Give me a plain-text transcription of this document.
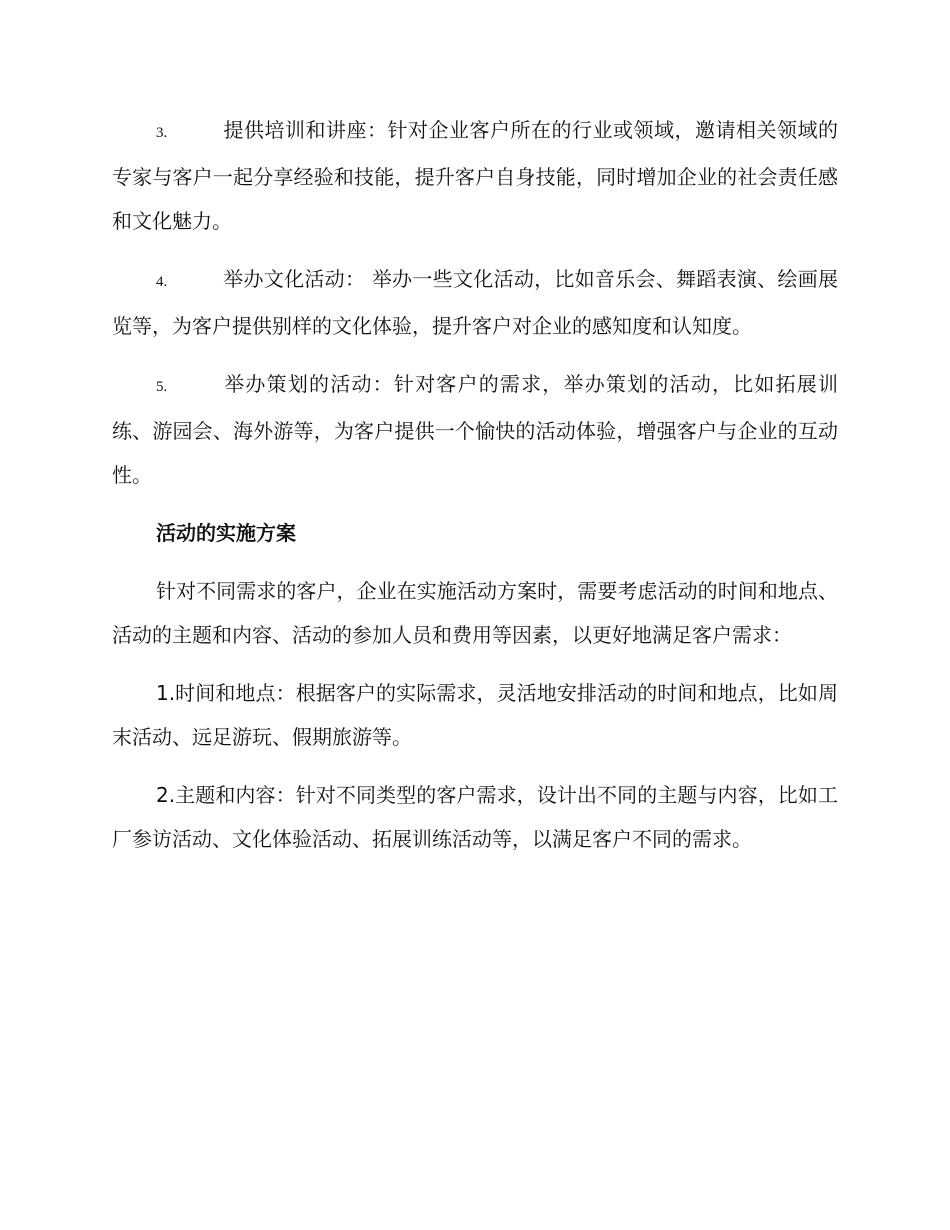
3.	提供培训和讲座：针对企业客户所在的行业或领域，邀请相关领域的专家与客户一起分享经验和技能，提升客户自身技能，同时增加企业的社会责任感和文化魅力。

4.	举办文化活动： 举办一些文化活动，比如音乐会、舞蹈表演、绘画展览等，为客户提供别样的文化体验，提升客户对企业的感知度和认知度。

5.	举办策划的活动：针对客户的需求，举办策划的活动，比如拓展训练、游园会、海外游等，为客户提供一个愉快的活动体验，增强客户与企业的互动性。

活动的实施方案

针对不同需求的客户，企业在实施活动方案时，需要考虑活动的时间和地点、活动的主题和内容、活动的参加人员和费用等因素，以更好地满足客户需求：

1.时间和地点：根据客户的实际需求，灵活地安排活动的时间和地点，比如周末活动、远足游玩、假期旅游等。

2.主题和内容：针对不同类型的客户需求，设计出不同的主题与内容，比如工厂参访活动、文化体验活动、拓展训练活动等，以满足客户不同的需求。
